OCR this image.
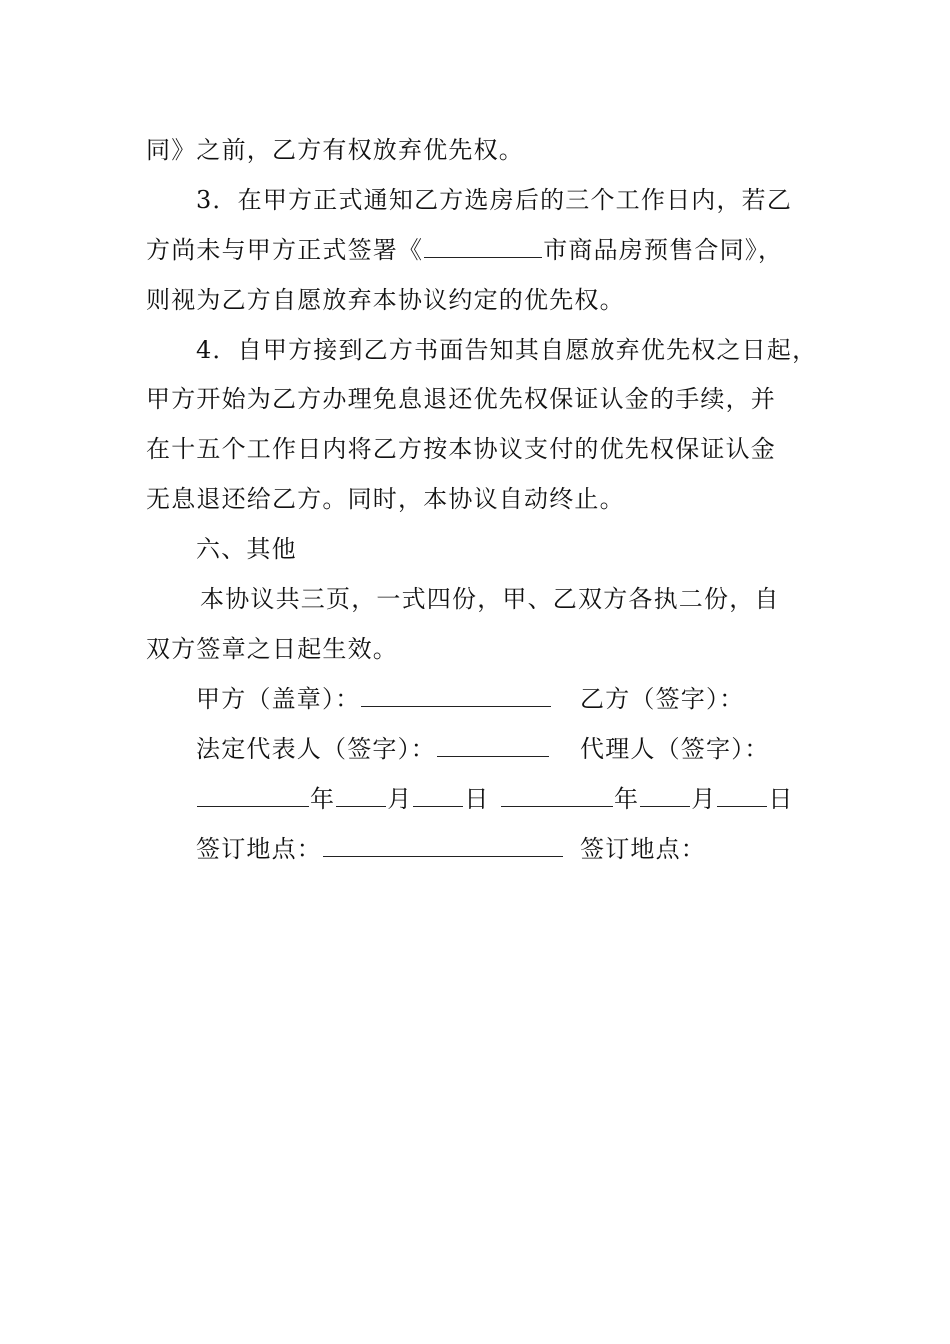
同》之前，乙方有权放弃优先权。
3．在甲方正式通知乙方选房后的三个工作日内，若乙
方尚未与甲方正式签署《	市商品房预售合同》，
则视为乙方自愿放弃本协议约定的优先权。
4．自甲方接到乙方书面告知其自愿放弃优先权之日起，
甲方开始为乙方办理免息退还优先权保证认金的手续，并
在十五个工作日内将乙方按本协议支付的优先权保证认金
无息退还给乙方。同时，本协议自动终止。
六、其他
本协议共三页，一式四份，甲、乙双方各执二份，自
双方签章之日起生效。
甲方（盖章）：	乙方（签字）：
法定代表人（签字）：	代理人（签字）：
年 月 日	年 月 日
签订地点：	签订地点：
